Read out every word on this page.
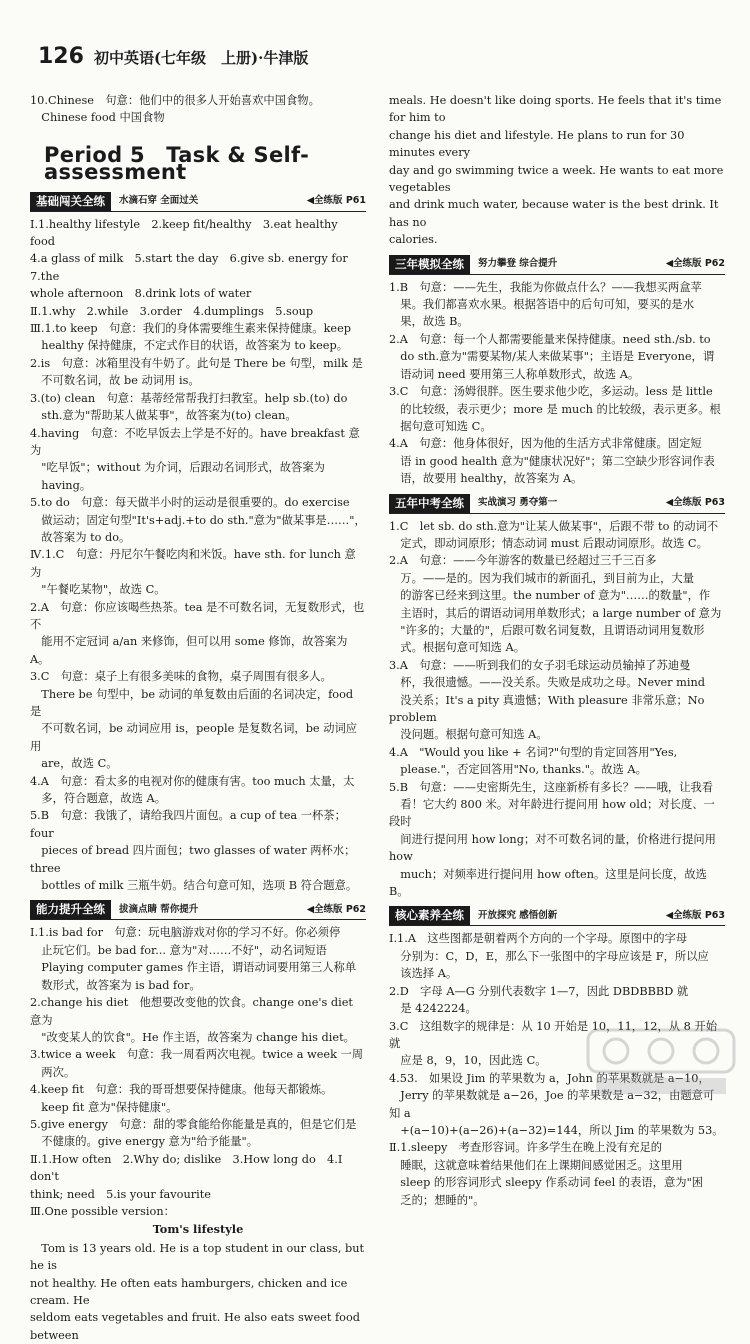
126 初中英语(七年级　上册)·牛津版

10.Chinese　句意：他们中的很多人开始喜欢中国食物。

　Chinese food 中国食物

Period 5　Task & Self-assessment
基础闯关全练	水滴石穿 全面过关	◀全练版 P61

Ⅰ.1.healthy lifestyle　2.keep fit/healthy　3.eat healthy food

4.a glass of milk　5.start the day　6.give sb. energy for　7.the

whole afternoon　8.drink lots of water

Ⅱ.1.why　2.while　3.order　4.dumplings　5.soup

Ⅲ.1.to keep　句意：我们的身体需要维生素来保持健康。keep

　healthy 保持健康，不定式作目的状语，故答案为 to keep。

2.is　句意：冰箱里没有牛奶了。此句是 There be 句型，milk 是

　不可数名词，故 be 动词用 is。

3.(to) clean　句意：基蒂经常帮我打扫教室。help sb.(to) do

　sth.意为"帮助某人做某事"，故答案为(to) clean。

4.having　句意：不吃早饭去上学是不好的。have breakfast 意为

　"吃早饭"；without 为介词，后跟动名词形式，故答案为

　having。

5.to do　句意：每天做半小时的运动是很重要的。do exercise

　做运动；固定句型"It's+adj.+to do sth."意为"做某事是……"，

　故答案为 to do。

Ⅳ.1.C　句意：丹尼尔午餐吃肉和米饭。have sth. for lunch 意为

　"午餐吃某物"，故选 C。

2.A　句意：你应该喝些热茶。tea 是不可数名词，无复数形式，也不

　能用不定冠词 a/an 来修饰，但可以用 some 修饰，故答案为 A。

3.C　句意：桌子上有很多美味的食物，桌子周围有很多人。

　There be 句型中，be 动词的单复数由后面的名词决定，food 是

　不可数名词，be 动词应用 is，people 是复数名词，be 动词应用

　are，故选 C。

4.A　句意：看太多的电视对你的健康有害。too much 太量，太

　多，符合题意，故选 A。

5.B　句意：我饿了，请给我四片面包。a cup of tea 一杯茶；four

　pieces of bread 四片面包；two glasses of water 两杯水；three

　bottles of milk 三瓶牛奶。结合句意可知，选项 B 符合题意。

能力提升全练	拔滴点睛 帮你提升	◀全练版 P62

Ⅰ.1.is bad for　句意：玩电脑游戏对你的学习不好。你必须停

　止玩它们。be bad for... 意为"对……不好"，动名词短语

　Playing computer games 作主语，谓语动词要用第三人称单

　数形式，故答案为 is bad for。

2.change his diet　他想要改变他的饮食。change one's diet 意为

　"改变某人的饮食"。He 作主语，故答案为 change his diet。

3.twice a week　句意：我一周看两次电视。twice a week 一周

　两次。

4.keep fit　句意：我的哥哥想要保持健康。他每天都锻炼。

　keep fit 意为"保持健康"。

5.give energy　句意：甜的零食能给你能量是真的，但是它们是

　不健康的。give energy 意为"给予能量"。

Ⅱ.1.How often　2.Why do; dislike　3.How long do　4.I don't

think; need　5.is your favourite

Ⅲ.One possible version：

Tom's lifestyle

　Tom is 13 years old. He is a top student in our class, but he is

not healthy. He often eats hamburgers, chicken and ice cream. He

seldom eats vegetables and fruit. He also eats sweet food between

meals. He doesn't like doing sports. He feels that it's time for him to

change his diet and lifestyle. He plans to run for 30 minutes every

day and go swimming twice a week. He wants to eat more vegetables

and drink much water, because water is the best drink. It has no

calories.

三年模拟全练	努力攀登 综合提升	◀全练版 P62

1.B　句意：——先生，我能为你做点什么？——我想买两盒苹

　果。我们都喜欢水果。根据答语中的后句可知，要买的是水

　果，故选 B。

2.A　句意：每一个人都需要能量来保持健康。need sth./sb. to

　do sth.意为"需要某物/某人来做某事"；主语是 Everyone，谓

　语动词 need 要用第三人称单数形式，故选 A。

3.C　句意：汤姆很胖。医生要求他少吃，多运动。less 是 little

　的比较级，表示更少；more 是 much 的比较级，表示更多。根

　据句意可知选 C。

4.A　句意：他身体很好，因为他的生活方式非常健康。固定短

　语 in good health 意为"健康状况好"；第二空缺少形容词作表

　语，故要用 healthy，故答案为 A。

五年中考全练	实战演习 勇夺第一	◀全练版 P63

1.C　let sb. do sth.意为"让某人做某事"，后跟不带 to 的动词不

　定式，即动词原形；情态动词 must 后跟动词原形。故选 C。

2.A　句意：——今年游客的数量已经超过三千三百多

　万。——是的。因为我们城市的新面孔，到目前为止，大量

　的游客已经来到这里。the number of 意为"……的数量"，作

　主语时，其后的谓语动词用单数形式；a large number of 意为

　"许多的；大量的"，后跟可数名词复数，且谓语动词用复数形

　式。根据句意可知选 A。

3.A　句意：——听到我们的女子羽毛球运动员输掉了苏迪曼

　杯，我很遗憾。——没关系。失败是成功之母。Never mind

　没关系；It's a pity 真遗憾；With pleasure 非常乐意；No problem

　没问题。根据句意可知选 A。

4.A　"Would you like + 名词?"句型的肯定回答用"Yes,

　please."，否定回答用"No, thanks."。故选 A。

5.B　句意：——史密斯先生，这座新桥有多长？——哦，让我看

　看！它大约 800 米。对年龄进行提问用 how old；对长度、一段时

　间进行提问用 how long；对不可数名词的量，价格进行提问用 how

　much；对频率进行提问用 how often。这里是问长度，故选 B。

核心素养全练	开放探究 感悟创新	◀全练版 P63

Ⅰ.1.A　这些图都是朝着两个方向的一个字母。原图中的字母

　分别为：C，D，E，那么下一张图中的字母应该是 F，所以应

　该选择 A。

2.D　字母 A—G 分别代表数字 1—7，因此 DBDBBBD 就

　是 4242224。

3.C　这组数字的规律是：从 10 开始是 10，11，12，从 8 开始就

　应是 8，9，10，因此选 C。

4.53.　如果设 Jim 的苹果数为 a，John 的苹果数就是 a−10，

　Jerry 的苹果数就是 a−26，Joe 的苹果数是 a−32，由题意可知 a

　+(a−10)+(a−26)+(a−32)=144，所以 Jim 的苹果数为 53。

Ⅱ.1.sleepy　考查形容词。许多学生在晚上没有充足的

　睡眠，这就意味着结果他们在上课期间感觉困乏。这里用

　sleep 的形容词形式 sleepy 作系动词 feel 的表语，意为"困

　乏的；想睡的"。
